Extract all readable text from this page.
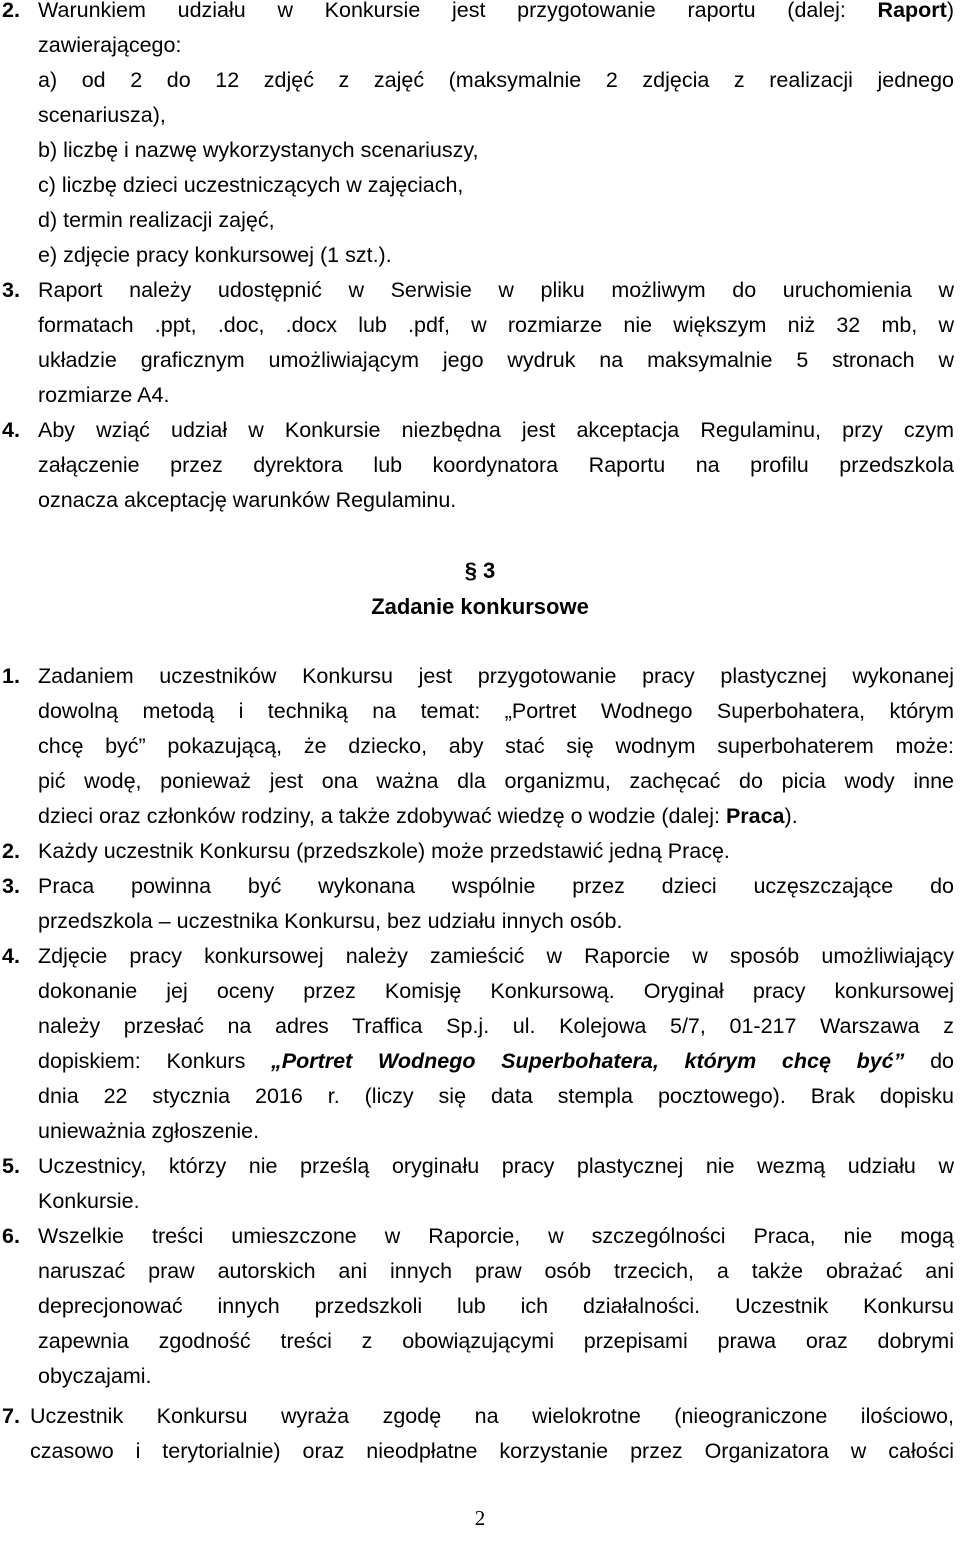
2. Warunkiem udziału w Konkursie jest przygotowanie raportu (dalej: Raport)
zawierającego:
a) od 2 do 12 zdjęć z zajęć (maksymalnie 2 zdjęcia z realizacji jednego
scenariusza),
b) liczbę i nazwę wykorzystanych scenariuszy,
c) liczbę dzieci uczestniczących w zajęciach,
d) termin realizacji zajęć,
e) zdjęcie pracy konkursowej (1 szt.).
3. Raport należy udostępnić w Serwisie w pliku możliwym do uruchomienia w
formatach .ppt, .doc, .docx lub .pdf, w rozmiarze nie większym niż 32 mb, w
układzie graficznym umożliwiającym jego wydruk na maksymalnie 5 stronach w
rozmiarze A4.
4. Aby wziąć udział w Konkursie niezbędna jest akceptacja Regulaminu, przy czym
załączenie przez dyrektora lub koordynatora Raportu na profilu przedszkola
oznacza akceptację warunków Regulaminu.
§ 3
Zadanie konkursowe
1. Zadaniem uczestników Konkursu jest przygotowanie pracy plastycznej wykonanej
dowolną metodą i techniką na temat: „Portret Wodnego Superbohatera, którym
chcę być” pokazującą, że dziecko, aby stać się wodnym superbohaterem może:
pić wodę, ponieważ jest ona ważna dla organizmu, zachęcać do picia wody inne
dzieci oraz członków rodziny, a także zdobywać wiedzę o wodzie (dalej: Praca).
2. Każdy uczestnik Konkursu (przedszkole) może przedstawić jedną Pracę.
3. Praca powinna być wykonana wspólnie przez dzieci uczęszczające do
przedszkola – uczestnika Konkursu, bez udziału innych osób.
4. Zdjęcie pracy konkursowej należy zamieścić w Raporcie w sposób umożliwiający
dokonanie jej oceny przez Komisję Konkursową. Oryginał pracy konkursowej
należy przesłać na adres Traffica Sp.j. ul. Kolejowa 5/7, 01-217 Warszawa z
dopiskiem: Konkurs „Portret Wodnego Superbohatera, którym chcę być” do
dnia 22 stycznia 2016 r. (liczy się data stempla pocztowego). Brak dopisku
unieważnia zgłoszenie.
5. Uczestnicy, którzy nie prześlą oryginału pracy plastycznej nie wezmą udziału w
Konkursie.
6. Wszelkie treści umieszczone w Raporcie, w szczególności Praca, nie mogą
naruszać praw autorskich ani innych praw osób trzecich, a także obrażać ani
deprecjonować innych przedszkoli lub ich działalności. Uczestnik Konkursu
zapewnia zgodność treści z obowiązującymi przepisami prawa oraz dobrymi
obyczajami.
7. Uczestnik Konkursu wyraża zgodę na wielokrotne (nieograniczone ilościowo,
czasowo i terytorialnie) oraz nieodpłatne korzystanie przez Organizatora w całości
2
